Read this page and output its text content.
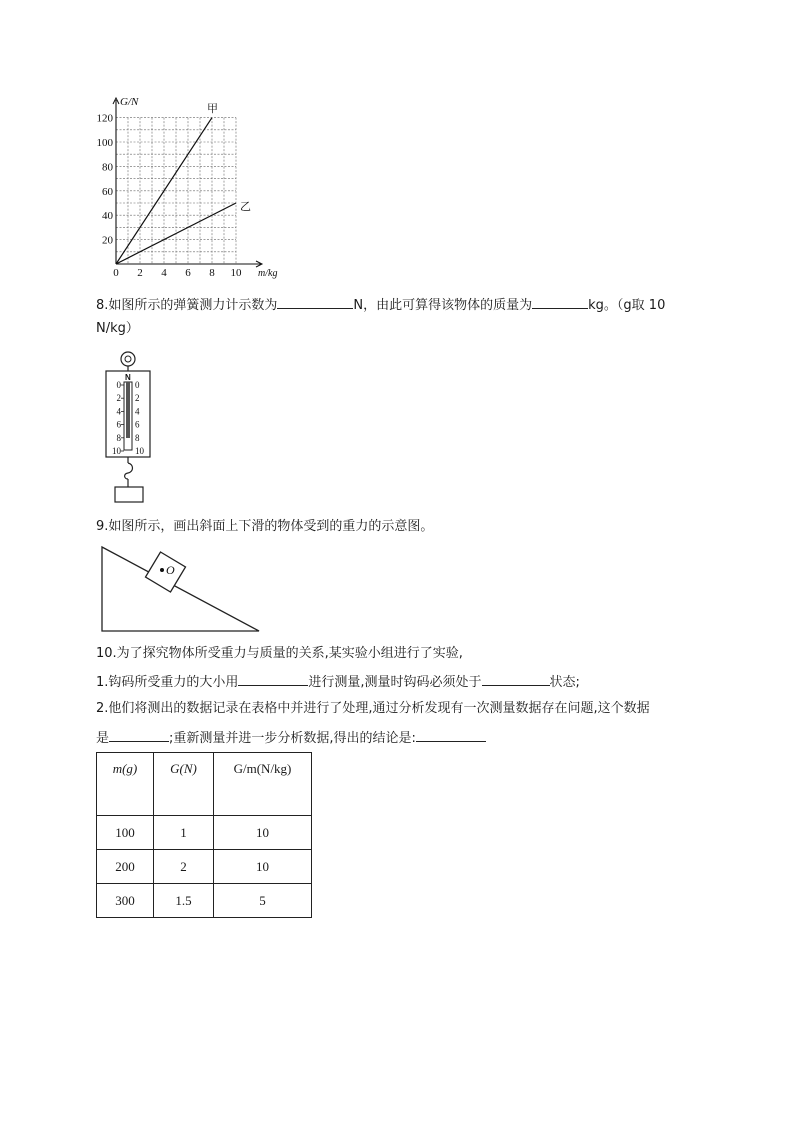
0 2 4 6 8 10
20
40
60
80
100
120
G/N
m/kg
甲
乙
8.如图所示的弹簧测力计示数为	N，由此可算得该物体的质量为	kg。（g取 10
N/kg）
N
0 0
2 2
4 4
6 6
8 8
10 10
9.如图所示，画出斜面上下滑的物体受到的重力的示意图。
O
10.为了探究物体所受重力与质量的关系,某实验小组进行了实验,
1.钩码所受重力的大小用	进行测量,测量时钩码必须处于	状态;
2.他们将测出的数据记录在表格中并进行了处理,通过分析发现有一次测量数据存在问题,这个数据
是	;重新测量并进一步分析数据,得出的结论是:
m(g)	G(N)	G/m(N/kg)
100	1	10
200	2	10
300	1.5	5
